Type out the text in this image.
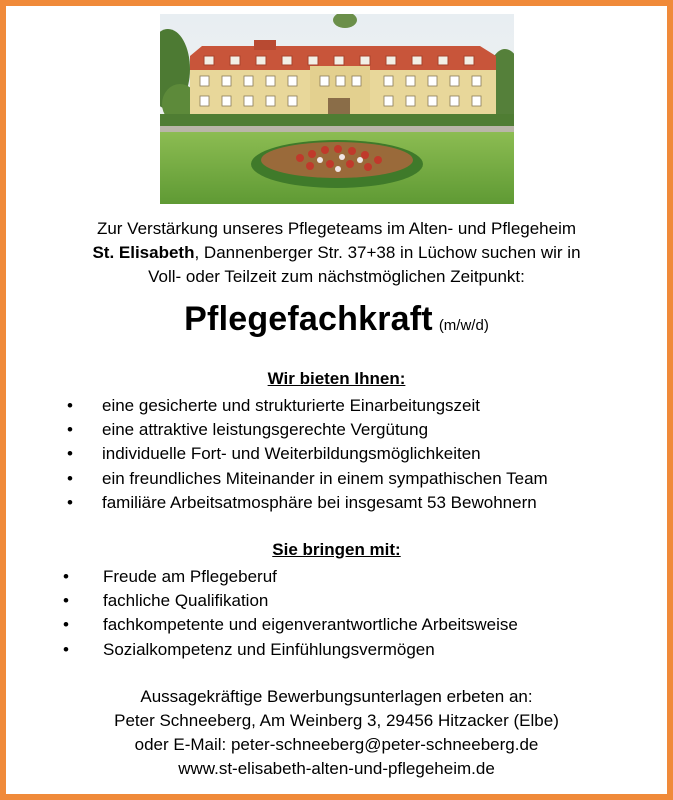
Zur Verstärkung unseres Pflegeteams im Alten- und Pflegeheim
St. Elisabeth, Dannenberger Str. 37+38 in Lüchow suchen wir in
Voll- oder Teilzeit zum nächstmöglichen Zeitpunkt:
Pflegefachkraft (m/w/d)
Wir bieten Ihnen:
• eine gesicherte und strukturierte Einarbeitungszeit
• eine attraktive leistungsgerechte Vergütung
• individuelle Fort- und Weiterbildungsmöglichkeiten
• ein freundliches Miteinander in einem sympathischen Team
• familiäre Arbeitsatmosphäre bei insgesamt 53 Bewohnern
Sie bringen mit:
• Freude am Pflegeberuf
• fachliche Qualifikation
• fachkompetente und eigenverantwortliche Arbeitsweise
• Sozialkompetenz und Einfühlungsvermögen
Aussagekräftige Bewerbungsunterlagen erbeten an:
Peter Schneeberg, Am Weinberg 3, 29456 Hitzacker (Elbe)
oder E-Mail: peter-schneeberg@peter-schneeberg.de
www.st-elisabeth-alten-und-pflegeheim.de
